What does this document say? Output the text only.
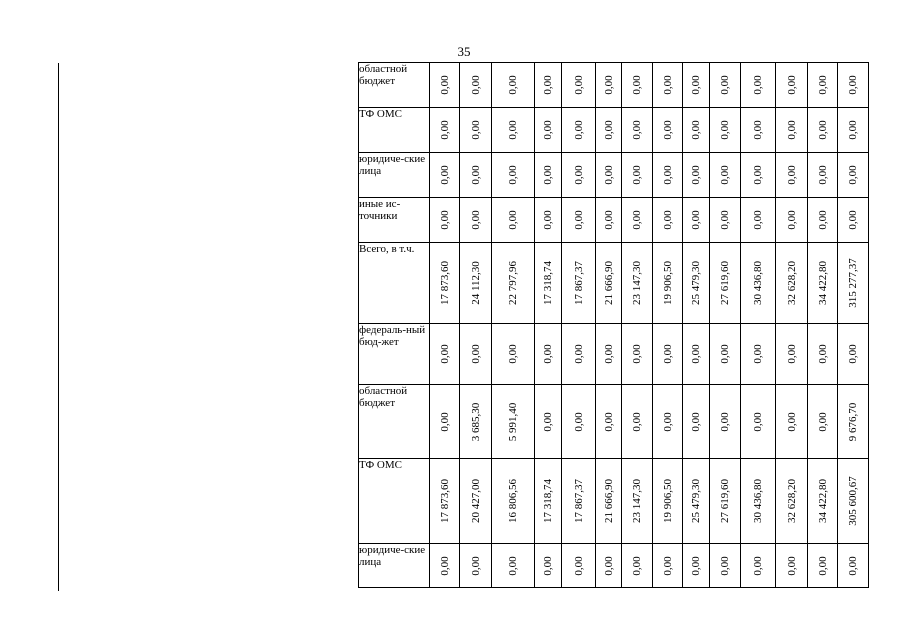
35
областной бюджет	0,00	0,00	0,00	0,00	0,00	0,00	0,00	0,00	0,00	0,00	0,00	0,00	0,00	0,00

ТФ ОМС	0,00	0,00	0,00	0,00	0,00	0,00	0,00	0,00	0,00	0,00	0,00	0,00	0,00	0,00

юридиче-ские лица	0,00	0,00	0,00	0,00	0,00	0,00	0,00	0,00	0,00	0,00	0,00	0,00	0,00	0,00

иные ис-точники	0,00	0,00	0,00	0,00	0,00	0,00	0,00	0,00	0,00	0,00	0,00	0,00	0,00	0,00

Всего, в т.ч.	17 873,60	24 112,30	22 797,96	17 318,74	17 867,37	21 666,90	23 147,30	19 906,50	25 479,30	27 619,60	30 436,80	32 628,20	34 422,80	315 277,37

федераль-ный бюд-жет	0,00	0,00	0,00	0,00	0,00	0,00	0,00	0,00	0,00	0,00	0,00	0,00	0,00	0,00

областной бюджет	0,00	3 685,30	5 991,40	0,00	0,00	0,00	0,00	0,00	0,00	0,00	0,00	0,00	0,00	9 676,70

ТФ ОМС	17 873,60	20 427,00	16 806,56	17 318,74	17 867,37	21 666,90	23 147,30	19 906,50	25 479,30	27 619,60	30 436,80	32 628,20	34 422,80	305 600,67

юридиче-ские лица	0,00	0,00	0,00	0,00	0,00	0,00	0,00	0,00	0,00	0,00	0,00	0,00	0,00	0,00
